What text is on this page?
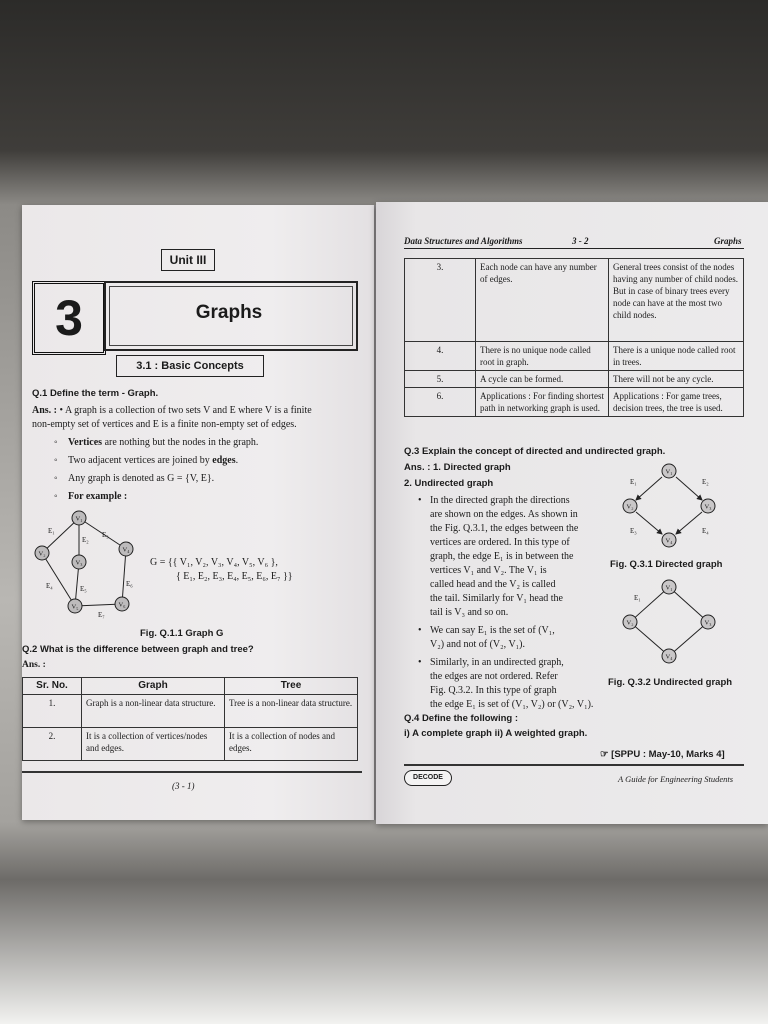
Unit III
3	Graphs
3.1 : Basic Concepts
Q.1 Define the term - Graph.
Ans. : • A graph is a collection of two sets V and E where V is a finite
non-empty set of vertices and E is a finite non-empty set of edges.
◦ Vertices are nothing but the nodes in the graph.
◦ Two adjacent vertices are joined by edges.
◦ Any graph is denoted as G = {V, E}.
◦ For example :
E₁
E₂
E₃
E₄	E₅
E₆
E₇
V₁
V₂
V₃
V₄
V₅	V₆
G = {{ V₁, V₂, V₃, V₄, V₅, V₆ },
{ E₁, E₂, E₃, E₄, E₅, E₆, E₇ }}
Fig. Q.1.1 Graph G
Q.2 What is the difference between graph and tree?
Ans. :
Sr. No.	Graph	Tree
1.	Graph is a non-linear data structure.	Tree is a non-linear data structure.
2.	It is a collection of vertices/nodes and edges.	It is a collection of nodes and edges.
(3 - 1)
Data Structures and Algorithms	3 - 2	Graphs
3.	Each node can have any number of edges.	General trees consist of the nodes having any number of child nodes. But in case of binary trees every node can have at the most two child nodes.
4.	There is no unique node called root in graph.	There is a unique node called root in trees.
5.	A cycle can be formed.	There will not be any cycle.
6.	Applications : For finding shortest path in networking graph is used.	Applications : For game trees, decision trees, the tree is used.
Q.3 Explain the concept of directed and undirected graph.
Ans. : 1. Directed graph
2. Undirected graph
• In the directed graph the directions
are shown on the edges. As shown in
the Fig. Q.3.1, the edges between the
vertices are ordered. In this type of
graph, the edge E₁ is in between the
vertices V₁ and V₂. The V₁ is
called head and the V₂ is called
the tail. Similarly for V₁ head the
tail is V₃ and so on.
• We can say E₁ is the set of (V₁,
V₂) and not of (V₂, V₁).
• Similarly, in an undirected graph,
the edges are not ordered. Refer
Fig. Q.3.2. In this type of graph
the edge E₁ is set of (V₁, V₂) or (V₂, V₁).
E₁	E₂
E₃	E₄
V₁
V₂	V₃
V₄
Fig. Q.3.1 Directed graph
E₁
V₁
V₂	V₃
V₄
Fig. Q.3.2 Undirected graph
Q.4 Define the following :
i) A complete graph ii) A weighted graph.
☞ [SPPU : May-10, Marks 4]
DECODE	A Guide for Engineering Students
